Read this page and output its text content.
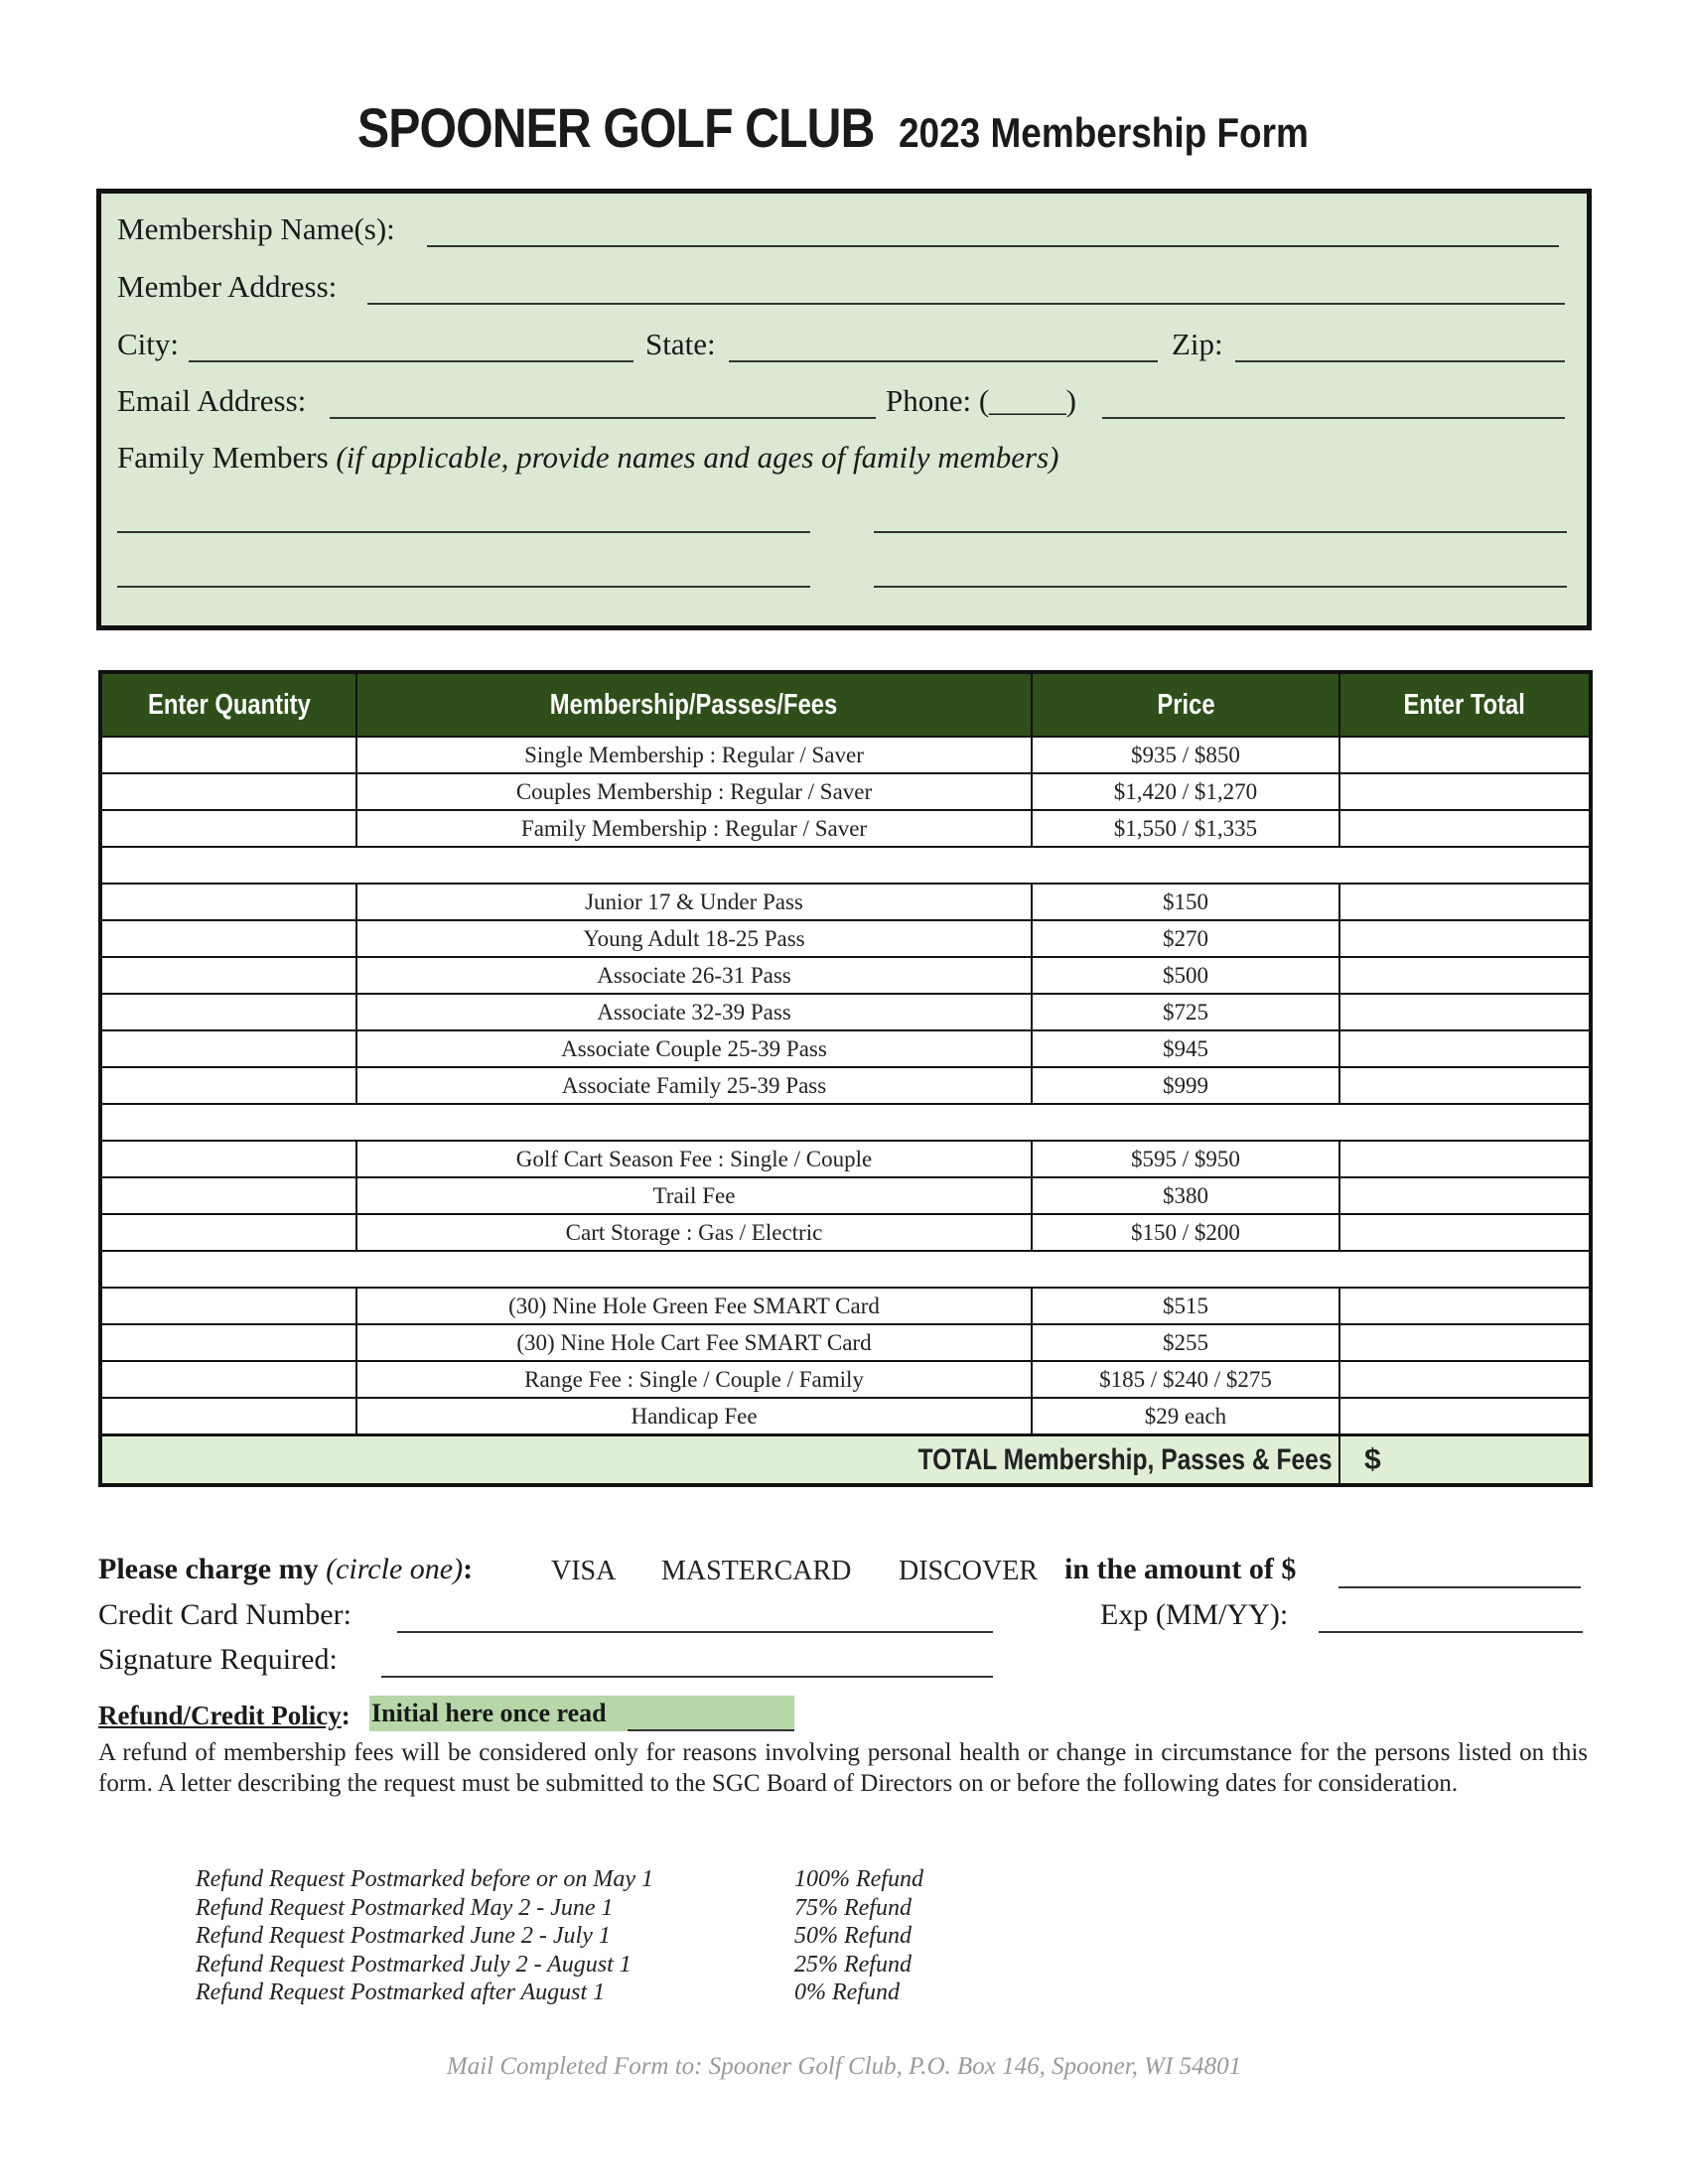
SPOONER GOLF CLUB 2023 Membership Form
Membership Name(s):
Member Address:
City:	State:	Zip:
Email Address:	Phone: (_____)
Family Members (if applicable, provide names and ages of family members)
Enter Quantity	Membership/Passes/Fees	Price	Enter Total
	Single Membership : Regular / Saver	$935 / $850	
	Couples Membership : Regular / Saver	$1,420 / $1,270	
	Family Membership : Regular / Saver	$1,550 / $1,335	

	Junior 17 & Under Pass	$150	
	Young Adult 18-25 Pass	$270	
	Associate 26-31 Pass	$500	
	Associate 32-39 Pass	$725	
	Associate Couple 25-39 Pass	$945	
	Associate Family 25-39 Pass	$999	

	Golf Cart Season Fee : Single / Couple	$595 / $950	
	Trail Fee	$380	
	Cart Storage : Gas / Electric	$150 / $200	

	(30) Nine Hole Green Fee SMART Card	$515	
	(30) Nine Hole Cart Fee SMART Card	$255	
	Range Fee : Single / Couple / Family	$185 / $240 / $275	
	Handicap Fee	$29 each	
TOTAL Membership, Passes & Fees			$
Please charge my (circle one):	VISA MASTERCARD DISCOVER in the amount of $
Credit Card Number:	Exp (MM/YY):
Signature Required:
Refund/Credit Policy: Initial here once read
A refund of membership fees will be considered only for reasons involving personal health or change in circumstance for the persons listed on this form. A letter describing the request must be submitted to the SGC Board of Directors on or before the following dates for consideration.
Refund Request Postmarked before or on May 1	100% Refund
Refund Request Postmarked May 2 - June 1	75% Refund
Refund Request Postmarked June 2 - July 1	50% Refund
Refund Request Postmarked July 2 - August 1	25% Refund
Refund Request Postmarked after August 1	0% Refund
Mail Completed Form to: Spooner Golf Club, P.O. Box 146, Spooner, WI 54801
